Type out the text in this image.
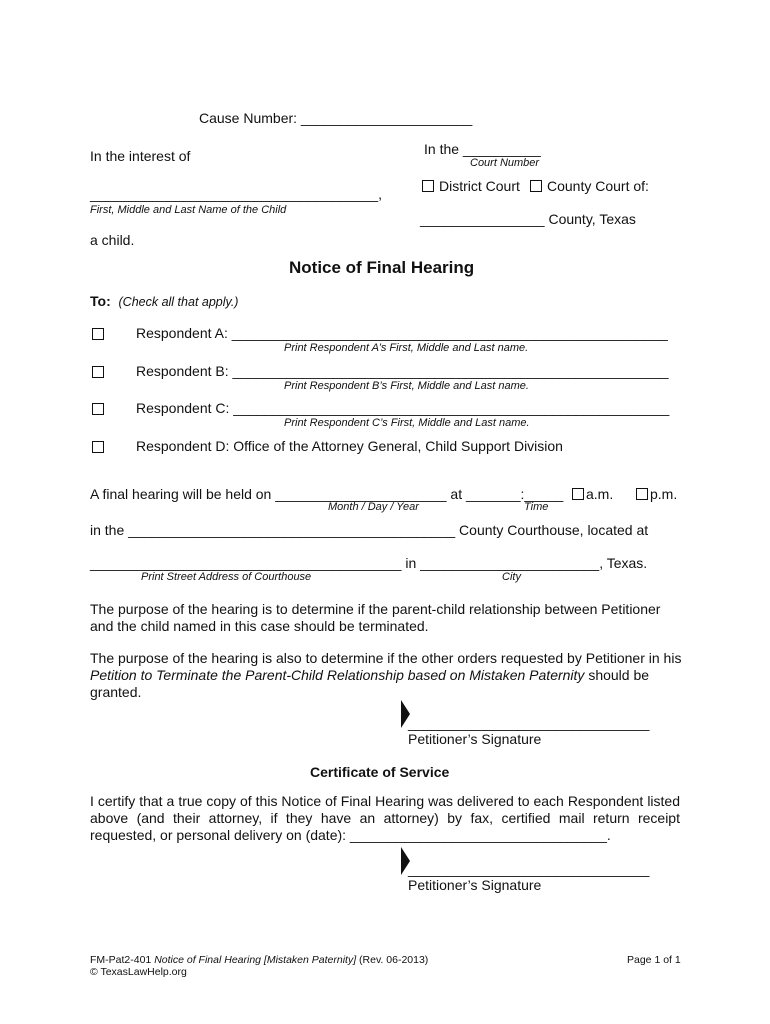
Cause Number: ______________________
In the __________
Court Number
In the interest of
District Court County Court of:
_____________________________________,
First, Middle and Last Name of the Child
________________ County, Texas
a child.
Notice of Final Hearing
To: (Check all that apply.)
Respondent A: ________________________________________________________
Print Respondent A’s First, Middle and Last name.
Respondent B: ________________________________________________________
Print Respondent B’s First, Middle and Last name.
Respondent C: ________________________________________________________
Print Respondent C’s First, Middle and Last name.
Respondent D: Office of the Attorney General, Child Support Division
A final hearing will be held on ______________________ at _______:_____ a.m.	p.m.
Month / Day / Year	Time
in the __________________________________________ County Courthouse, located at
________________________________________ in _______________________, Texas.
Print Street Address of Courthouse	City
The purpose of the hearing is to determine if the parent-child relationship between Petitioner and the child named in this case should be terminated.
The purpose of the hearing is also to determine if the other orders requested by Petitioner in his Petition to Terminate the Parent-Child Relationship based on Mistaken Paternity should be granted.
_______________________________
Petitioner’s Signature
Certificate of Service
I certify that a true copy of this Notice of Final Hearing was delivered to each Respondent listed above (and their attorney, if they have an attorney) by fax, certified mail return receipt requested, or personal delivery on (date): _________________________________.
_______________________________
Petitioner’s Signature
FM-Pat2-401 Notice of Final Hearing [Mistaken Paternity] (Rev. 06-2013)
© TexasLawHelp.org
Page 1 of 1
